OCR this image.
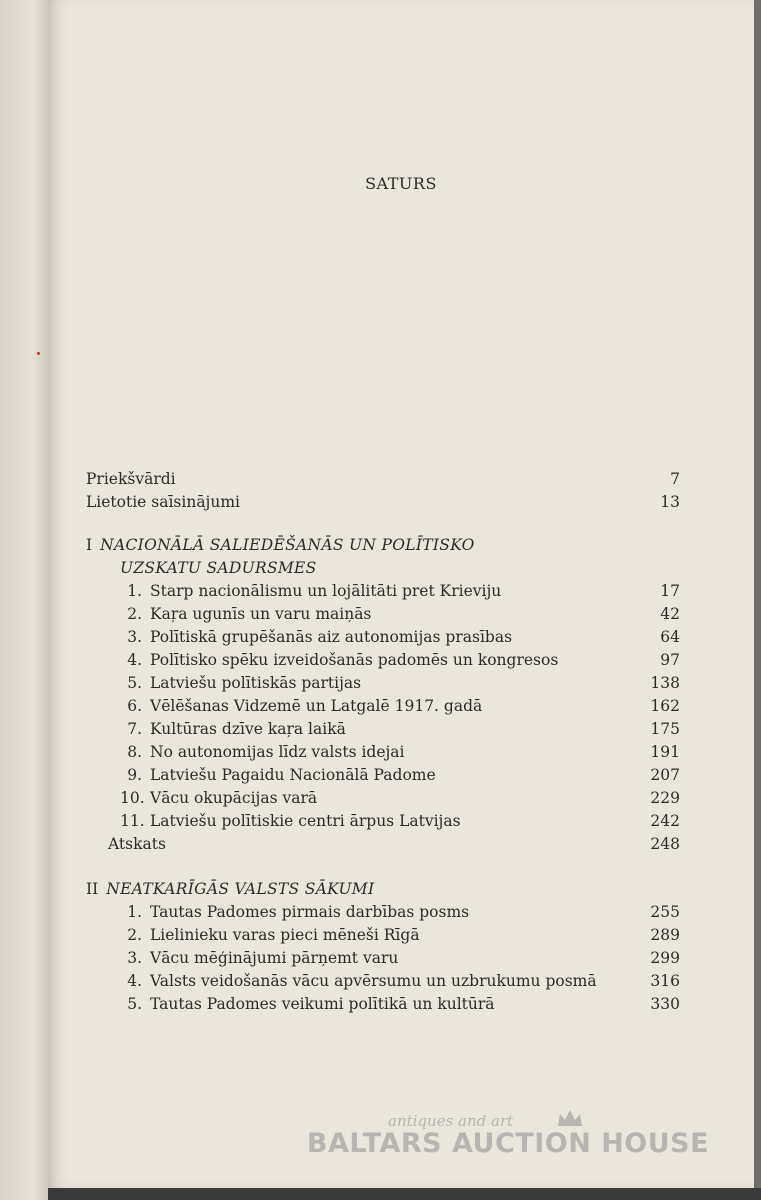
SATURS
Priekšvārdi	7
Lietotie saīsinājumi	13
I NACIONĀLĀ SALIEDĒŠANĀS UN POLĪTISKO
UZSKATU SADURSMES
1. Starp nacionālismu un lojālitāti pret Krieviju	17
2. Kaŗa ugunīs un varu maiņās	42
3. Polītiskā grupēšanās aiz autonomijas prasības	64
4. Polītisko spēku izveidošanās padomēs un kongresos	97
5. Latviešu polītiskās partijas	138
6. Vēlēšanas Vidzemē un Latgalē 1917. gadā	162
7. Kultūras dzīve kaŗa laikā	175
8. No autonomijas līdz valsts idejai	191
9. Latviešu Pagaidu Nacionālā Padome	207
10. Vācu okupācijas varā	229
11. Latviešu polītiskie centri ārpus Latvijas	242
Atskats	248
II NEATKARĪGĀS VALSTS SĀKUMI
1. Tautas Padomes pirmais darbības posms	255
2. Lielinieku varas pieci mēneši Rīgā	289
3. Vācu mēģinājumi pārņemt varu	299
4. Valsts veidošanās vācu apvērsumu un uzbrukumu posmā	316
5. Tautas Padomes veikumi polītikā un kultūrā	330
antiques and art
BALTARS AUCTION HOUSE
